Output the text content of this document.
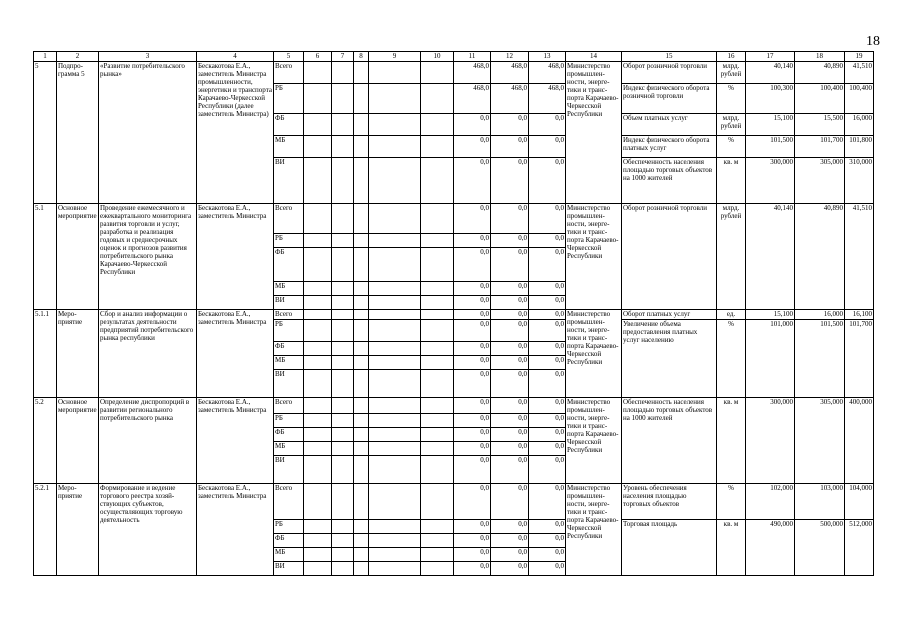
18
1	2	3	4	5	6	7	8	9	10	11	12	13	14	15	16	17	18	19
5	Подпрограмма 5	«Развитие потребительского рынка»	Бескакотова Е.А., заместитель Министра промышленности, энергетики и транспорта Карачаево-Черкесской Республики (далее заместитель Министра)	Всего						468,0	468,0	468,0	Министерство промышленности, энергетики и транспорта Карачаево-Черкесской Республики	Оборот розничной торговли	млрд. рублей	40,140	40,890	41,510
				РБ						468,0	468,0	468,0		Индекс физического оборота розничной торговли	%	100,300	100,400	100,400
				ФБ						0,0	0,0	0,0		Объем платных услуг	млрд. рублей	15,100	15,500	16,000
				МБ						0,0	0,0	0,0		Индекс физического оборота платных услуг	%	101,500	101,700	101,800
				ВИ						0,0	0,0	0,0		Обеспеченность населения площадью торговых объектов на 1000 жителей	кв. м	300,000	305,000	310,000
5.1	Основное мероприятие	Проведение ежемесячного и ежеквартального мониторинга развития торговли и услуг, разработка и реализация годовых и среднесрочных оценок и прогнозов развития потребительского рынка Карачаево-Черкесской Республики	Бескакотова Е.А., заместитель Министра	Всего						0,0	0,0	0,0	Министерство промышленности, энергетики и транспорта Карачаево-Черкесской Республики	Оборот розничной торговли	млрд. рублей	40,140	40,890	41,510
				РБ						0,0	0,0	0,0						
				ФБ						0,0	0,0	0,0						
				МБ						0,0	0,0	0,0						
				ВИ						0,0	0,0	0,0						
5.1.1	Мероприятие	Сбор и анализ информации о результатах деятельности предприятий потребительского рынка республики	Бескакотова Е.А., заместитель Министра	Всего						0,0	0,0	0,0	Министерство промышленности, энергетики и транспорта Карачаево-Черкесской Республики	Оборот платных услуг	ед.	15,100	16,000	16,100
				РБ						0,0	0,0	0,0		Увеличение объема предоставления платных услуг населению	%	101,000	101,500	101,700
				ФБ						0,0	0,0	0,0						
				МБ						0,0	0,0	0,0						
				ВИ						0,0	0,0	0,0						
5.2	Основное мероприятие	Определение диспропорций в развитии регионального потребительского рынка	Бескакотова Е.А., заместитель Министра	Всего						0,0	0,0	0,0	Министерство промышленности, энергетики и транспорта Карачаево-Черкесской Республики	Обеспеченность населения площадью торговых объектов на 1000 жителей	кв. м	300,000	305,000	400,000
				РБ						0,0	0,0	0,0						
				ФБ						0,0	0,0	0,0						
				МБ						0,0	0,0	0,0						
				ВИ						0,0	0,0	0,0						
5.2.1	Мероприятие	Формирование и ведение торгового реестра хозяйствующих субъектов, осуществляющих торговую деятельность	Бескакотова Е.А., заместитель Министра	Всего						0,0	0,0	0,0	Министерство промышленности, энергетики и транспорта Карачаево-Черкесской Республики	Уровень обеспечения населения площадью торговых объектов	%	102,000	103,000	104,000
				РБ						0,0	0,0	0,0		Торговая площадь	кв. м	490,000	500,000	512,000
				ФБ						0,0	0,0	0,0						
				МБ						0,0	0,0	0,0						
				ВИ						0,0	0,0	0,0						
